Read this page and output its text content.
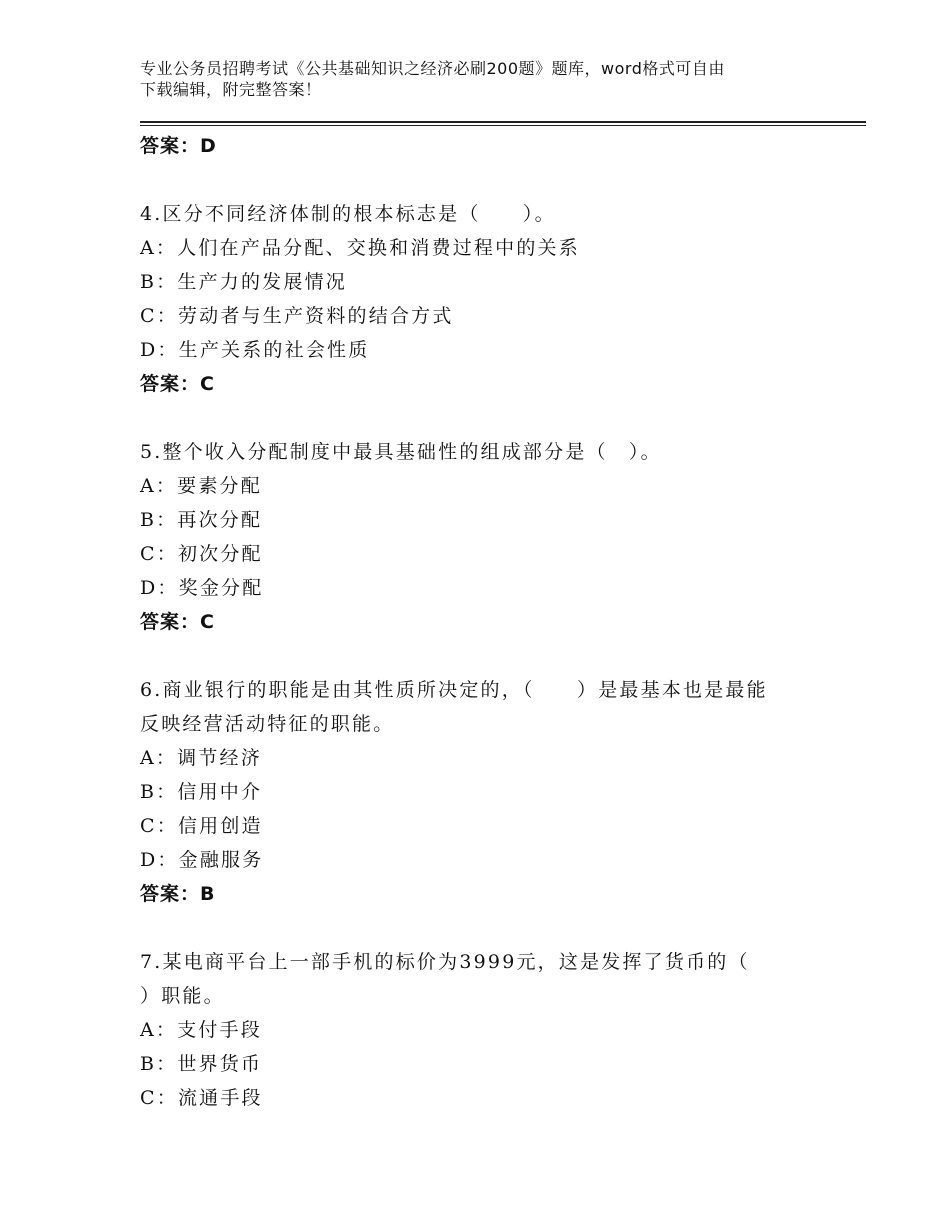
专业公务员招聘考试《公共基础知识之经济必刷200题》题库，word格式可自由
下载编辑，附完整答案！
答案：D
4.区分不同经济体制的根本标志是（　　）。
A：人们在产品分配、交换和消费过程中的关系
B：生产力的发展情况
C：劳动者与生产资料的结合方式
D：生产关系的社会性质
答案：C
5.整个收入分配制度中最具基础性的组成部分是（　）。
A：要素分配
B：再次分配
C：初次分配
D：奖金分配
答案：C
6.商业银行的职能是由其性质所决定的，（　　）是最基本也是最能
反映经营活动特征的职能。
A：调节经济
B：信用中介
C：信用创造
D：金融服务
答案：B
7.某电商平台上一部手机的标价为3999元，这是发挥了货币的（
）职能。
A：支付手段
B：世界货币
C：流通手段
